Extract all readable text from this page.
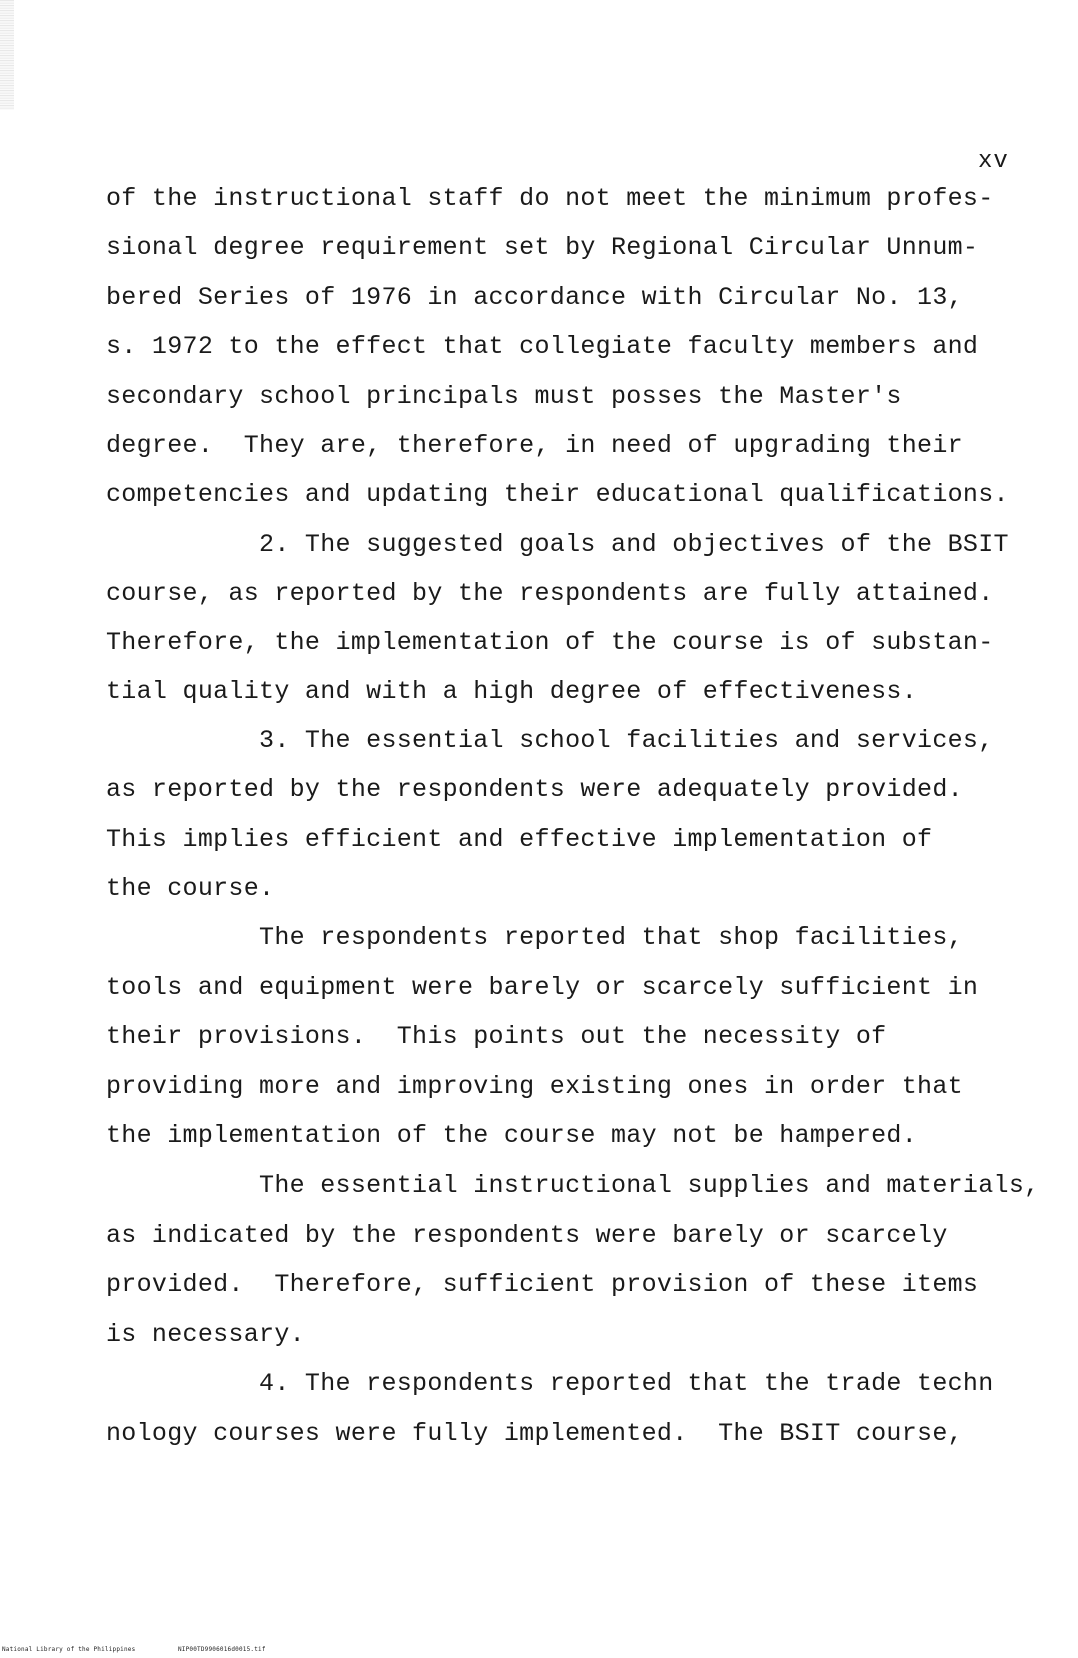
xv
of the instructional staff do not meet the minimum profes-
sional degree requirement set by Regional Circular Unnum-
bered Series of 1976 in accordance with Circular No. 13,
s. 1972 to the effect that collegiate faculty members and
secondary school principals must posses the Master's
degree.  They are, therefore, in need of upgrading their
competencies and updating their educational qualifications.
2. The suggested goals and objectives of the BSIT
course, as reported by the respondents are fully attained.
Therefore, the implementation of the course is of substan-
tial quality and with a high degree of effectiveness.
3. The essential school facilities and services,
as reported by the respondents were adequately provided.
This implies efficient and effective implementation of
the course.
The respondents reported that shop facilities,
tools and equipment were barely or scarcely sufficient in
their provisions.  This points out the necessity of
providing more and improving existing ones in order that
the implementation of the course may not be hampered.
The essential instructional supplies and materials,
as indicated by the respondents were barely or scarcely
provided.  Therefore, sufficient provision of these items
is necessary.
4. The respondents reported that the trade techn
nology courses were fully implemented.  The BSIT course,
National Library of the Philippines	NIP00TD9906016d0015.tif
